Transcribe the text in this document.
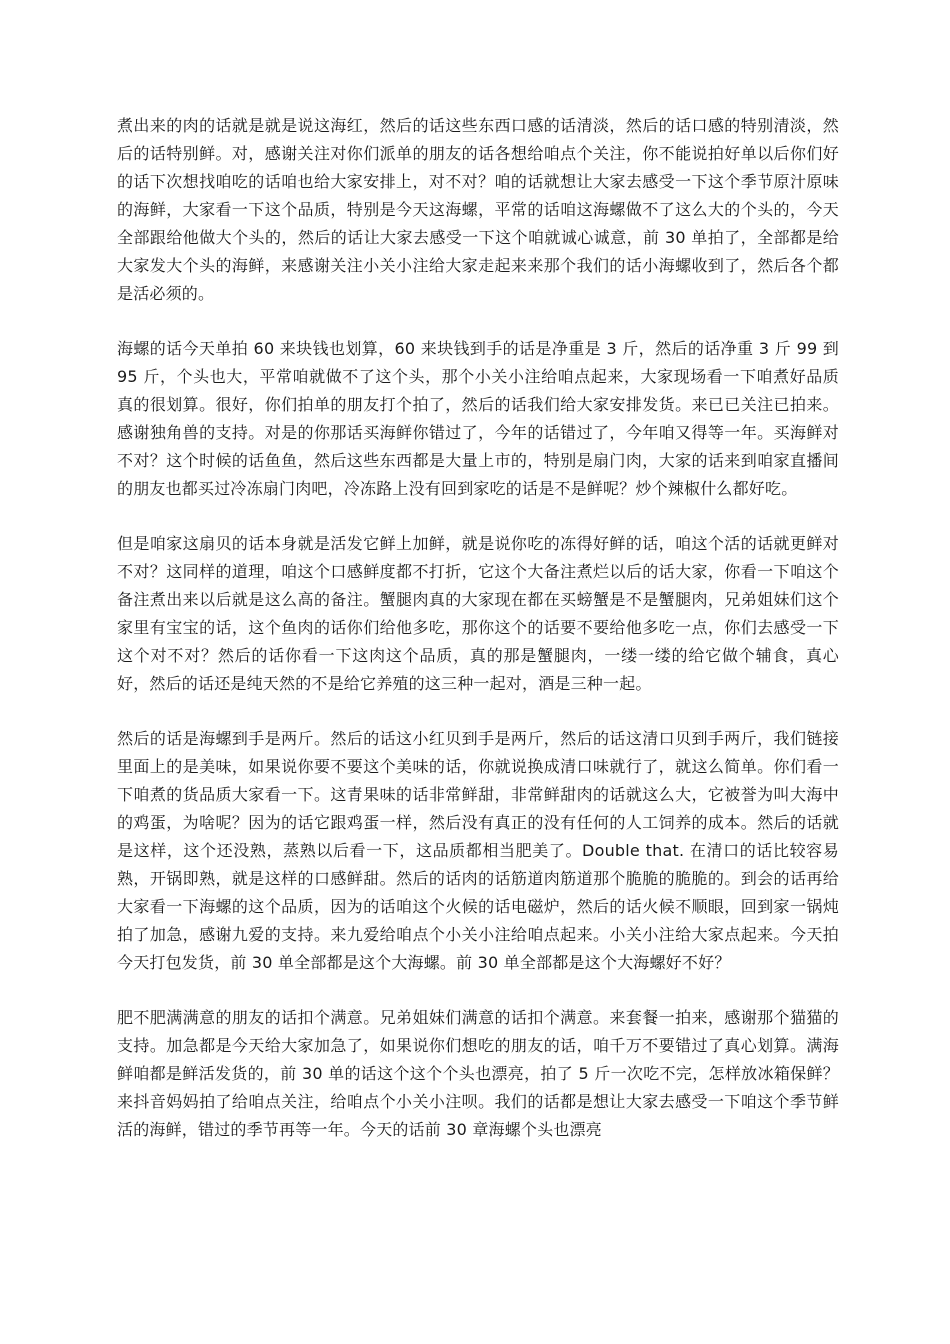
煮出来的肉的话就是就是说这海红，然后的话这些东西口感的话清淡，然后的话口感的特别清淡，然后的话特别鲜。对，感谢关注对你们派单的朋友的话各想给咱点个关注，你不能说拍好单以后你们好的话下次想找咱吃的话咱也给大家安排上，对不对？咱的话就想让大家去感受一下这个季节原汁原味的海鲜，大家看一下这个品质，特别是今天这海螺，平常的话咱这海螺做不了这么大的个头的，今天全部跟给他做大个头的，然后的话让大家去感受一下这个咱就诚心诚意，前 30 单拍了，全部都是给大家发大个头的海鲜，来感谢关注小关小注给大家走起来来那个我们的话小海螺收到了，然后各个都是活必须的。

海螺的话今天单拍 60 来块钱也划算，60 来块钱到手的话是净重是 3 斤，然后的话净重 3 斤 99 到 95 斤，个头也大，平常咱就做不了这个头，那个小关小注给咱点起来，大家现场看一下咱煮好品质真的很划算。很好，你们拍单的朋友打个拍了，然后的话我们给大家安排发货。来已已关注已拍来。感谢独角兽的支持。对是的你那话买海鲜你错过了，今年的话错过了，今年咱又得等一年。买海鲜对不对？这个时候的话鱼鱼，然后这些东西都是大量上市的，特别是扇门肉，大家的话来到咱家直播间的朋友也都买过冷冻扇门肉吧，冷冻路上没有回到家吃的话是不是鲜呢？炒个辣椒什么都好吃。

但是咱家这扇贝的话本身就是活发它鲜上加鲜，就是说你吃的冻得好鲜的话，咱这个活的话就更鲜对不对？这同样的道理，咱这个口感鲜度都不打折，它这个大备注煮烂以后的话大家，你看一下咱这个备注煮出来以后就是这么高的备注。蟹腿肉真的大家现在都在买螃蟹是不是蟹腿肉，兄弟姐妹们这个家里有宝宝的话，这个鱼肉的话你们给他多吃，那你这个的话要不要给他多吃一点，你们去感受一下这个对不对？然后的话你看一下这肉这个品质，真的那是蟹腿肉，一缕一缕的给它做个辅食，真心好，然后的话还是纯天然的不是给它养殖的这三种一起对，酒是三种一起。

然后的话是海螺到手是两斤。然后的话这小红贝到手是两斤，然后的话这清口贝到手两斤，我们链接里面上的是美味，如果说你要不要这个美味的话，你就说换成清口味就行了，就这么简单。你们看一下咱煮的货品质大家看一下。这青果味的话非常鲜甜，非常鲜甜肉的话就这么大，它被誉为叫大海中的鸡蛋，为啥呢？因为的话它跟鸡蛋一样，然后没有真正的没有任何的人工饲养的成本。然后的话就是这样，这个还没熟，蒸熟以后看一下，这品质都相当肥美了。Double that. 在清口的话比较容易熟，开锅即熟，就是这样的口感鲜甜。然后的话肉的话筋道肉筋道那个脆脆的脆脆的。到会的话再给大家看一下海螺的这个品质，因为的话咱这个火候的话电磁炉，然后的话火候不顺眼，回到家一锅炖拍了加急，感谢九爱的支持。来九爱给咱点个小关小注给咱点起来。小关小注给大家点起来。今天拍今天打包发货，前 30 单全部都是这个大海螺。前 30 单全部都是这个大海螺好不好？

肥不肥满满意的朋友的话扣个满意。兄弟姐妹们满意的话扣个满意。来套餐一拍来，感谢那个猫猫的支持。加急都是今天给大家加急了，如果说你们想吃的朋友的话，咱千万不要错过了真心划算。满海鲜咱都是鲜活发货的，前 30 单的话这个这个个头也漂亮，拍了 5 斤一次吃不完，怎样放冰箱保鲜？来抖音妈妈拍了给咱点关注，给咱点个小关小注呗。我们的话都是想让大家去感受一下咱这个季节鲜活的海鲜，错过的季节再等一年。今天的话前 30 章海螺个头也漂亮
